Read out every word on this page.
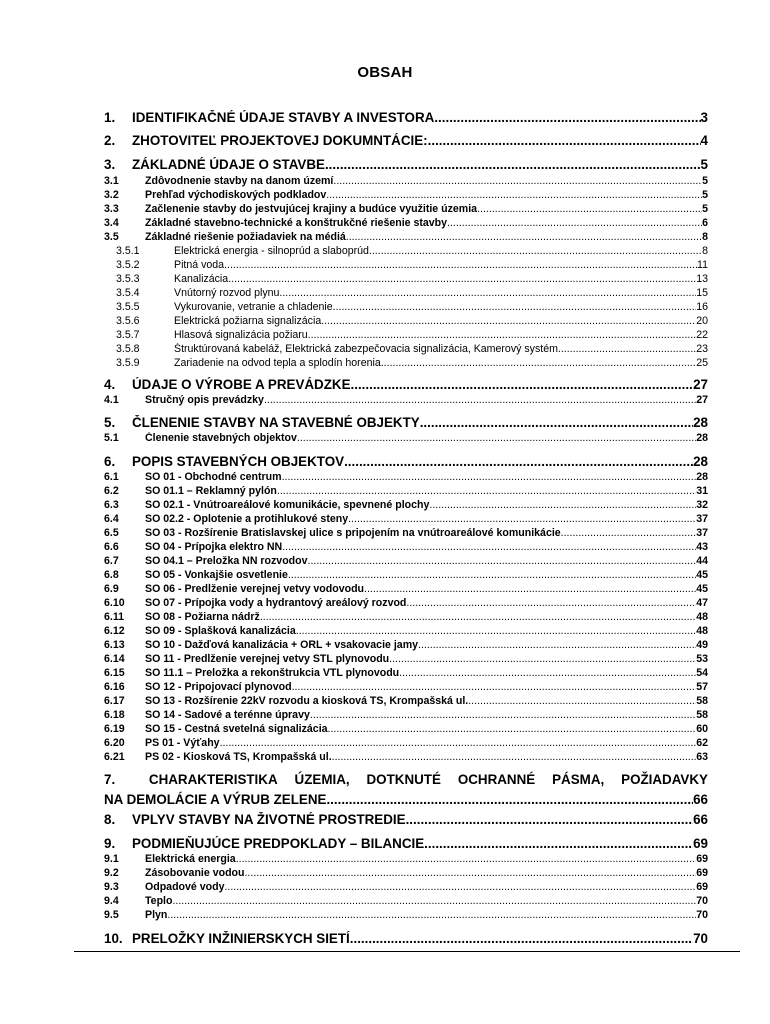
OBSAH
1.	IDENTIFIKAČNÉ ÚDAJE STAVBY A INVESTORA .....	3
2.	ZHOTOVITEĽ PROJEKTOVEJ DOKUMNTÁCIE: .....	4
3.	ZÁKLADNÉ ÚDAJE O STAVBE .....	5
3.1	Zdôvodnenie stavby na danom území .....	5
3.2	Prehľad východiskových podkladov .....	5
3.3	Začlenenie stavby do jestvujúcej krajiny a budúce využitie územia .....	5
3.4	Základné stavebno-technické a konštrukčné riešenie stavby .....	6
3.5	Základné riešenie požiadaviek na médiá .....	8
3.5.1	Elektrická energia - silnoprúd a slaboprúd .....	8
3.5.2	Pitná voda .....	11
3.5.3	Kanalizácia .....	13
3.5.4	Vnútorný rozvod plynu .....	15
3.5.5	Vykurovanie, vetranie a chladenie .....	16
3.5.6	Elektrická požiarna signalizácia .....	20
3.5.7	Hlasová signalizácia požiaru .....	22
3.5.8	Štruktúrovaná kabeláž, Elektrická zabezpečovacia signalizácia, Kamerový systém .....	23
3.5.9	Zariadenie na odvod tepla a splodín horenia .....	25
4.	ÚDAJE O VÝROBE A PREVÁDZKE .....	27
4.1	Stručný opis prevádzky .....	27
5.	ČLENENIE STAVBY NA STAVEBNÉ OBJEKTY .....	28
5.1	Členenie stavebných objektov .....	28
6.	POPIS STAVEBNÝCH OBJEKTOV .....	28
6.1	SO 01 - Obchodné centrum .....	28
6.2	SO 01.1 – Reklamný pylón .....	31
6.3	SO 02.1 - Vnútroareálové komunikácie, spevnené plochy .....	32
6.4	SO 02.2 - Oplotenie a protihlukové steny .....	37
6.5	SO 03 - Rozšírenie Bratislavskej ulice s pripojením na vnútroareálové komunikácie .....	37
6.6	SO 04 - Prípojka elektro NN .....	43
6.7	SO 04.1 – Preložka NN rozvodov .....	44
6.8	SO 05 - Vonkajšie osvetlenie .....	45
6.9	SO 06 - Predĺženie verejnej vetvy vodovodu .....	45
6.10	SO 07 - Prípojka vody a hydrantový areálový rozvod .....	47
6.11	SO 08 - Požiarna nádrž .....	48
6.12	SO 09 - Splašková kanalizácia .....	48
6.13	SO 10 - Dažďová kanalizácia + ORL + vsakovacie jamy .....	49
6.14	SO 11 - Predĺženie verejnej vetvy STL plynovodu .....	53
6.15	SO 11.1 – Preložka a rekonštrukcia VTL plynovodu .....	54
6.16	SO 12 - Pripojovací plynovod .....	57
6.17	SO 13 - Rozšírenie 22kV rozvodu a kiosková TS, Krompašská ul. .....	58
6.18	SO 14 - Sadové a terénne úpravy .....	58
6.19	SO 15 - Cestná svetelná signalizácia .....	60
6.20	PS 01 - Výťahy .....	62
6.21	PS 02 - Kiosková TS, Krompašská ul. .....	63
7.	CHARAKTERISTIKA ÚZEMIA, DOTKNUTÉ OCHRANNÉ PÁSMA, POŽIADAVKY
NA DEMOLÁCIE A VÝRUB ZELENE .....	66
8.	VPLYV STAVBY NA ŽIVOTNÉ PROSTREDIE .....	66
9.	PODMIEŇUJÚCE PREDPOKLADY – BILANCIE .....	69
9.1	Elektrická energia .....	69
9.2	Zásobovanie vodou .....	69
9.3	Odpadové vody .....	69
9.4	Teplo .....	70
9.5	Plyn .....	70
10. PRELOŽKY INŽINIERSKYCH SIETÍ .....	70
